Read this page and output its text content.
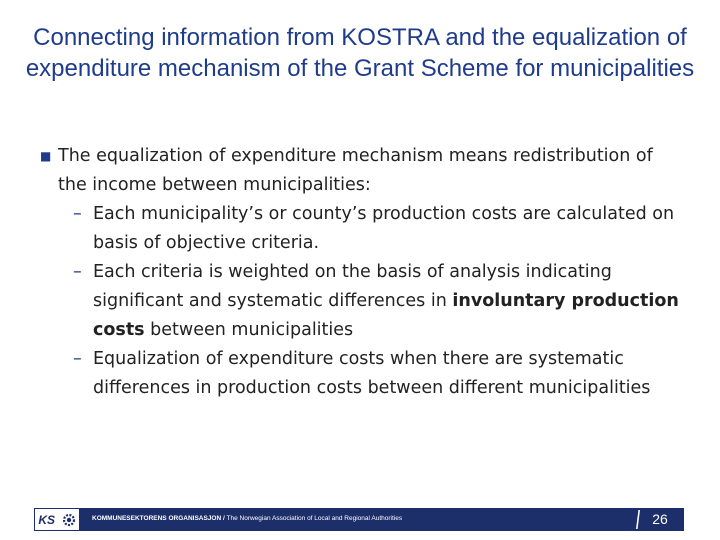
Connecting information from KOSTRA and the equalization of expenditure mechanism of the Grant Scheme for municipalities
■ The equalization of expenditure mechanism means redistribution of the income between municipalities:
– Each municipality’s or county’s production costs are calculated on basis of objective criteria.
– Each criteria is weighted on the basis of analysis indicating significant and systematic differences in involuntary production costs between municipalities
– Equalization of expenditure costs when there are systematic differences in production costs between different municipalities
KS	KOMMUNESEKTORENS ORGANISASJON / The Norwegian Association of Local and Regional Authorities	26
